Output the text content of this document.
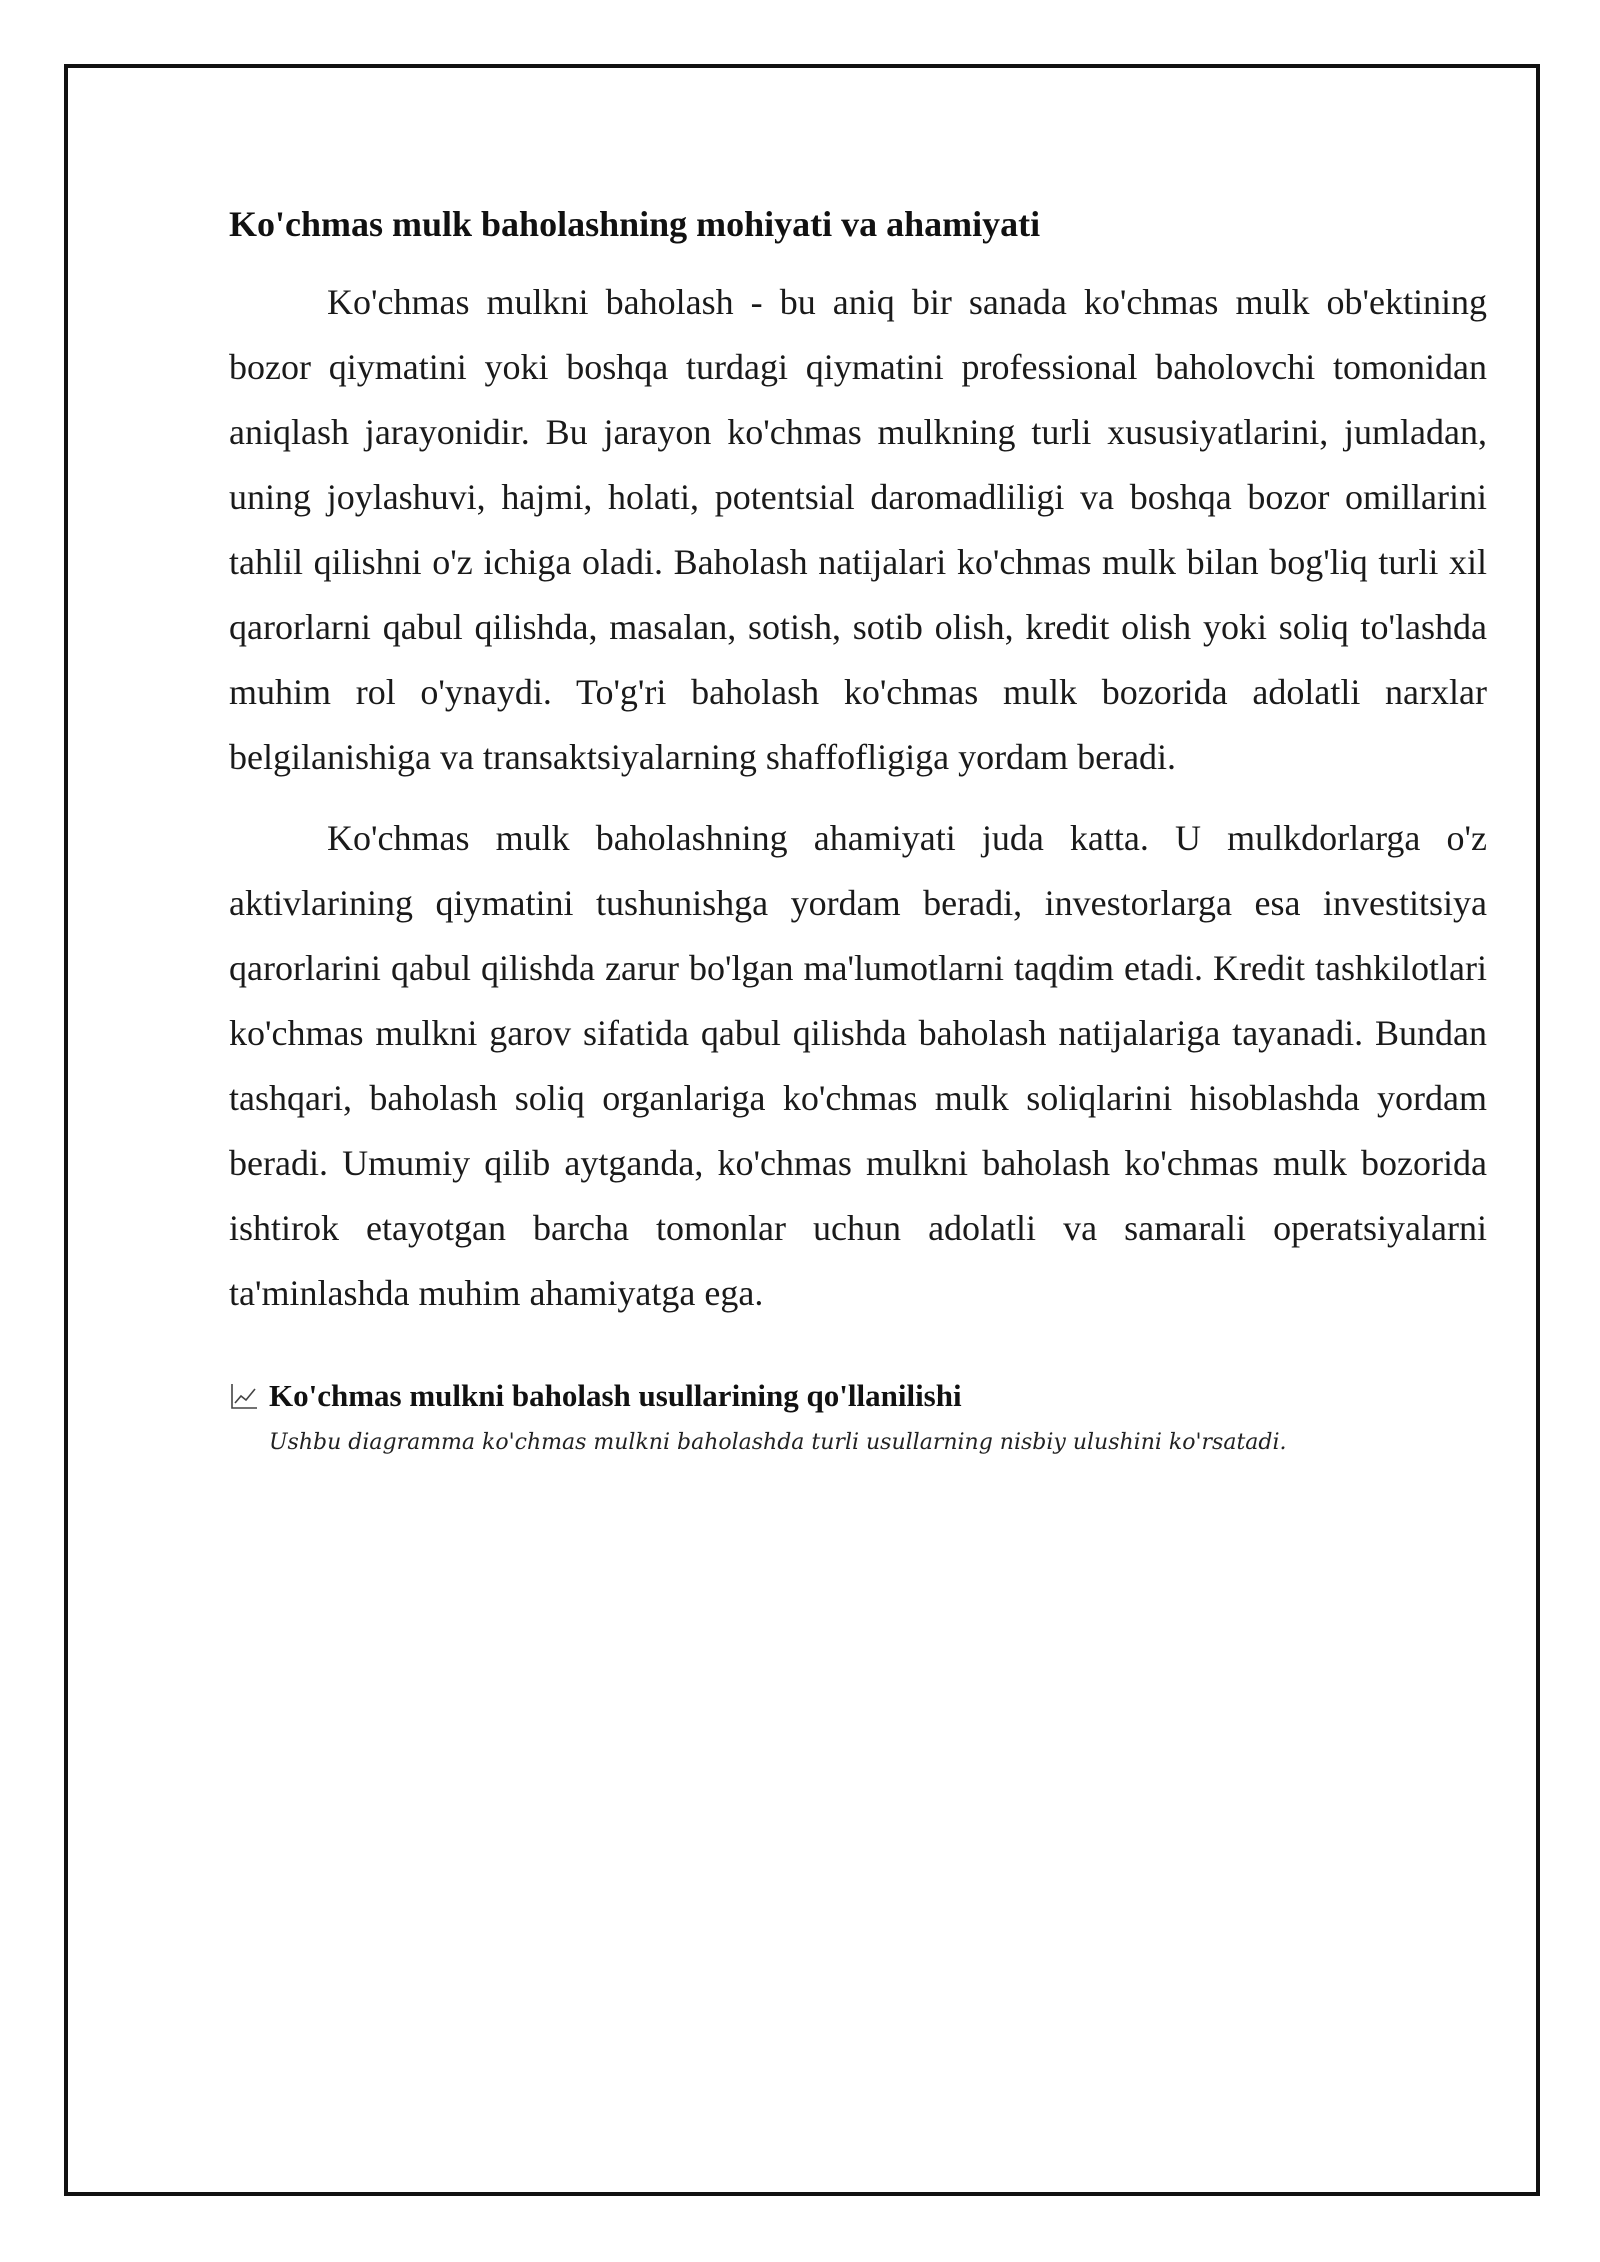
Ko'chmas mulk baholashning mohiyati va ahamiyati

Ko'chmas mulkni baholash - bu aniq bir sanada ko'chmas mulk ob'ektining bozor qiymatini yoki boshqa turdagi qiymatini professional baholovchi tomonidan aniqlash jarayonidir. Bu jarayon ko'chmas mulkning turli xususiyatlarini, jumladan, uning joylashuvi, hajmi, holati, potentsial daromadliligi va boshqa bozor omillarini tahlil qilishni o'z ichiga oladi. Baholash natijalari ko'chmas mulk bilan bog'liq turli xil qarorlarni qabul qilishda, masalan, sotish, sotib olish, kredit olish yoki soliq to'lashda muhim rol o'ynaydi. To'g'ri baholash ko'chmas mulk bozorida adolatli narxlar belgilanishiga va transaktsiyalarning shaffofligiga yordam beradi.

Ko'chmas mulk baholashning ahamiyati juda katta. U mulkdorlarga o'z aktivlarining qiymatini tushunishga yordam beradi, investorlarga esa investitsiya qarorlarini qabul qilishda zarur bo'lgan ma'lumotlarni taqdim etadi. Kredit tashkilotlari ko'chmas mulkni garov sifatida qabul qilishda baholash natijalariga tayanadi. Bundan tashqari, baholash soliq organlariga ko'chmas mulk soliqlarini hisoblashda yordam beradi. Umumiy qilib aytganda, ko'chmas mulkni baholash ko'chmas mulk bozorida ishtirok etayotgan barcha tomonlar uchun adolatli va samarali operatsiyalarni ta'minlashda muhim ahamiyatga ega.

Ko'chmas mulkni baholash usullarining qo'llanilishi
Ushbu diagramma ko'chmas mulkni baholashda turli usullarning nisbiy ulushini ko'rsatadi.
